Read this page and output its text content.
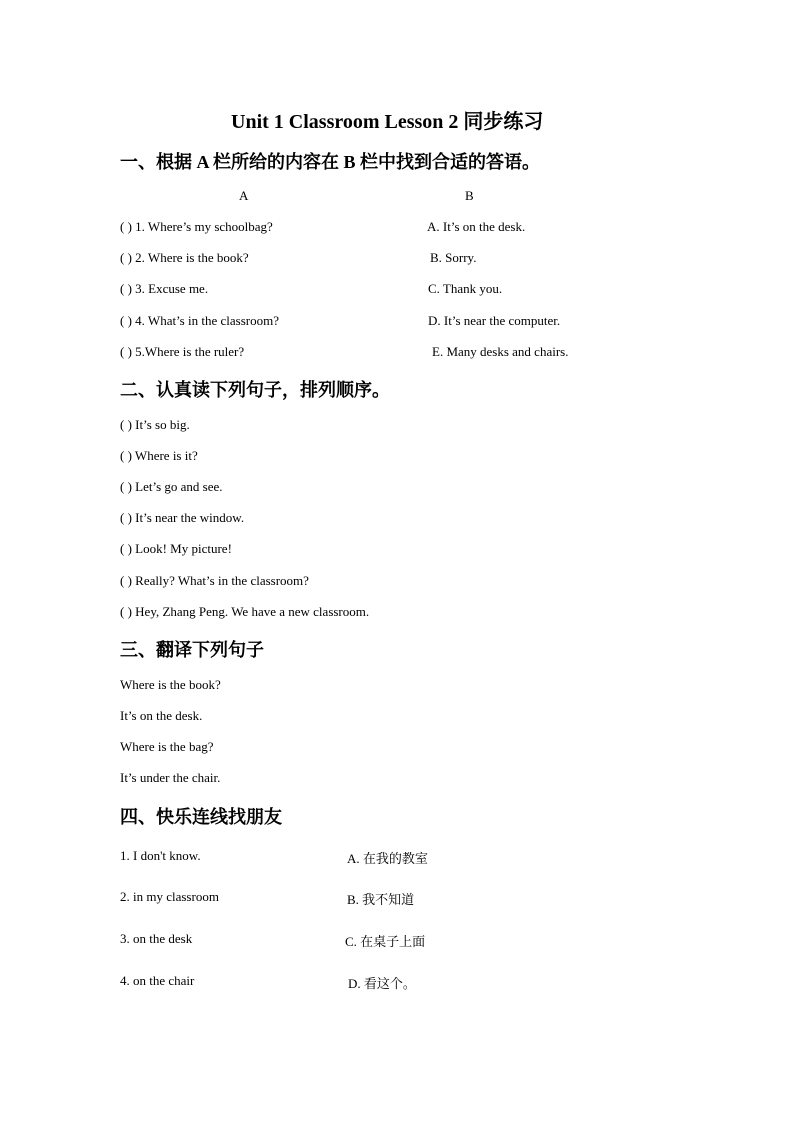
Unit 1 Classroom Lesson 2 同步练习
一、根据 A 栏所给的内容在 B 栏中找到合适的答语。
A	B
( ) 1. Where’s my schoolbag?	A. It’s on the desk.
( ) 2. Where is the book?	B. Sorry.
( ) 3. Excuse me.	C. Thank you.
( ) 4. What’s in the classroom?	D. It’s near the computer.
( ) 5.Where is the ruler?	E. Many desks and chairs.
二、认真读下列句子，排列顺序。
( ) It’s so big.
( ) Where is it?
( ) Let’s go and see.
( ) It’s near the window.
( ) Look! My picture!
( ) Really? What’s in the classroom?
( ) Hey, Zhang Peng. We have a new classroom.
三、翻译下列句子
Where is the book?
It’s on the desk.
Where is the bag?
It’s under the chair.
四、快乐连线找朋友
1. I don't know.	A. 在我的教室
2. in my classroom	B. 我不知道
3. on the desk	C. 在桌子上面
4. on the chair	D. 看这个。
